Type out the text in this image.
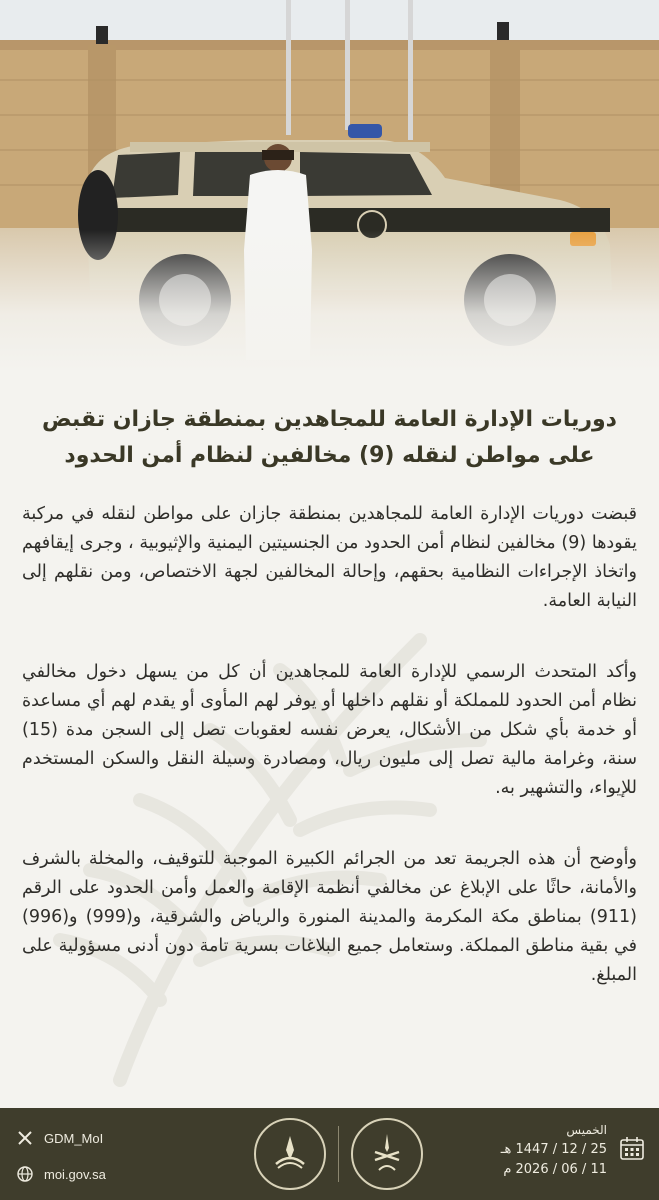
دوريات الإدارة العامة للمجاهدين بمنطقة جازان تقبض على مواطن لنقله (9) مخالفين لنظام أمن الحدود

قبضت دوريات الإدارة العامة للمجاهدين بمنطقة جازان على مواطن لنقله في مركبة يقودها (9) مخالفين لنظام أمن الحدود من الجنسيتين اليمنية والإثيوبية ، وجرى إيقافهم واتخاذ الإجراءات النظامية بحقهم، وإحالة المخالفين لجهة الاختصاص، ومن نقلهم إلى النيابة العامة.

وأكد المتحدث الرسمي للإدارة العامة للمجاهدين أن كل من يسهل دخول مخالفي نظام أمن الحدود للمملكة أو نقلهم داخلها أو يوفر لهم المأوى أو يقدم لهم أي مساعدة أو خدمة بأي شكل من الأشكال، يعرض نفسه لعقوبات تصل إلى السجن مدة (15) سنة، وغرامة مالية تصل إلى مليون ريال، ومصادرة وسيلة النقل والسكن المستخدم للإيواء، والتشهير به.

وأوضح أن هذه الجريمة تعد من الجرائم الكبيرة الموجبة للتوقيف، والمخلة بالشرف والأمانة، حاثًا على الإبلاغ عن مخالفي أنظمة الإقامة والعمل وأمن الحدود على الرقم (911) بمناطق مكة المكرمة والمدينة المنورة والرياض والشرقية، و(999) و(996) في بقية مناطق المملكة. وستعامل جميع البلاغات بسرية تامة دون أدنى مسؤولية على المبلغ.

GDM_MoI
moi.gov.sa
الخميس
25 / 12 / 1447 هـ
11 / 06 / 2026 م
